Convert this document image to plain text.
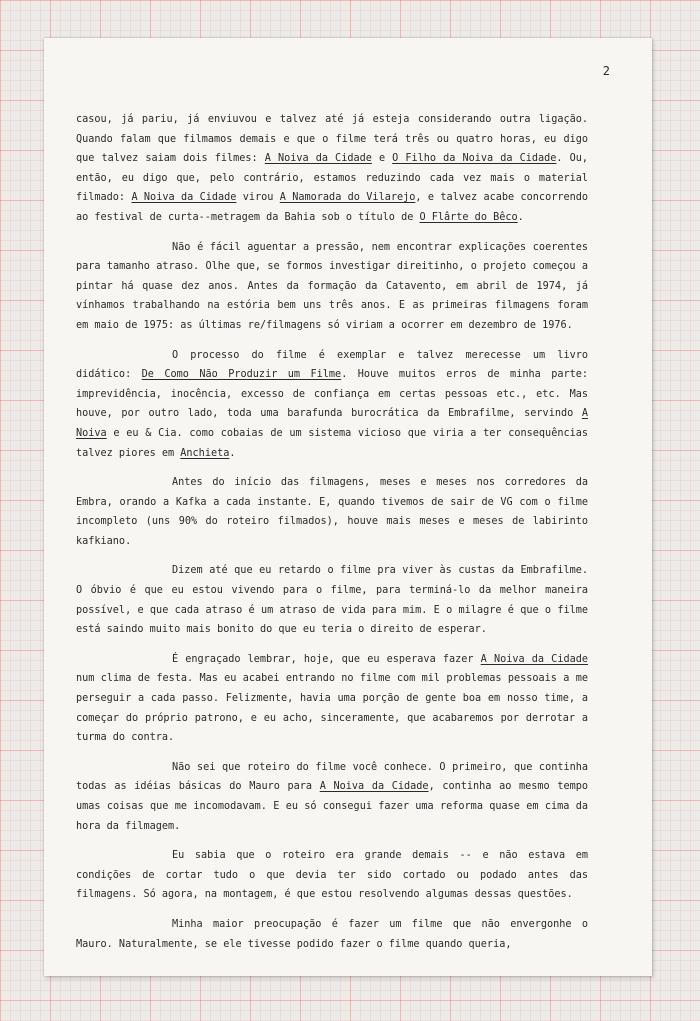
2

casou, já pariu, já enviuvou e talvez até já esteja considerando outra ligação. Quando falam que filmamos demais e que o filme terá três ou quatro horas, eu digo que talvez saiam dois filmes: A Noiva da Cidade e O Filho da Noiva da Cidade. Ou, então, eu digo que, pelo contrário, estamos reduzindo cada vez mais o material filmado: A Noiva da Cidade virou A Namorada do Vilarejo, e talvez acabe concorrendo ao festival de curta--metragem da Bahia sob o título de O Flârte do Bêco.

Não é fácil aguentar a pressão, nem encontrar explicações coerentes para tamanho atraso. Olhe que, se formos investigar direitinho, o projeto começou a pintar há quase dez anos. Antes da formação da Catavento, em abril de 1974, já vínhamos trabalhando na estória bem uns três anos. E as primeiras filmagens foram em maio de 1975: as últimas re/filmagens só viriam a ocorrer em dezembro de 1976.

O processo do filme é exemplar e talvez merecesse um livro didático: De Como Não Produzir um Filme. Houve muitos erros de minha parte: imprevidência, inocência, excesso de confiança em certas pessoas etc., etc. Mas houve, por outro lado, toda uma barafunda burocrática da Embrafilme, servindo A Noiva e eu & Cia. como cobaias de um sistema vicioso que viria a ter consequências talvez piores em Anchieta.

Antes do início das filmagens, meses e meses nos corredores da Embra, orando a Kafka a cada instante. E, quando tivemos de sair de VG com o filme incompleto (uns 90% do roteiro filmados), houve mais meses e meses de labirinto kafkiano.

Dizem até que eu retardo o filme pra viver às custas da Embrafilme. O óbvio é que eu estou vivendo para o filme, para terminá-lo da melhor maneira possível, e que cada atraso é um atraso de vida para mim. E o milagre é que o filme está saindo muito mais bonito do que eu teria o direito de esperar.

É engraçado lembrar, hoje, que eu esperava fazer A Noiva da Cidade num clima de festa. Mas eu acabei entrando no filme com mil problemas pessoais a me perseguir a cada passo. Felizmente, havia uma porção de gente boa em nosso time, a começar do próprio patrono, e eu acho, sinceramente, que acabaremos por derrotar a turma do contra.

Não sei que roteiro do filme você conhece. O primeiro, que continha todas as idéias básicas do Mauro para A Noiva da Cidade, continha ao mesmo tempo umas coisas que me incomodavam. E eu só consegui fazer uma reforma quase em cima da hora da filmagem.

Eu sabia que o roteiro era grande demais -- e não estava em condições de cortar tudo o que devia ter sido cortado ou podado antes das filmagens. Só agora, na montagem, é que estou resolvendo algumas dessas questões.

Minha maior preocupação é fazer um filme que não envergonhe o Mauro. Naturalmente, se ele tivesse podido fazer o filme quando queria,
